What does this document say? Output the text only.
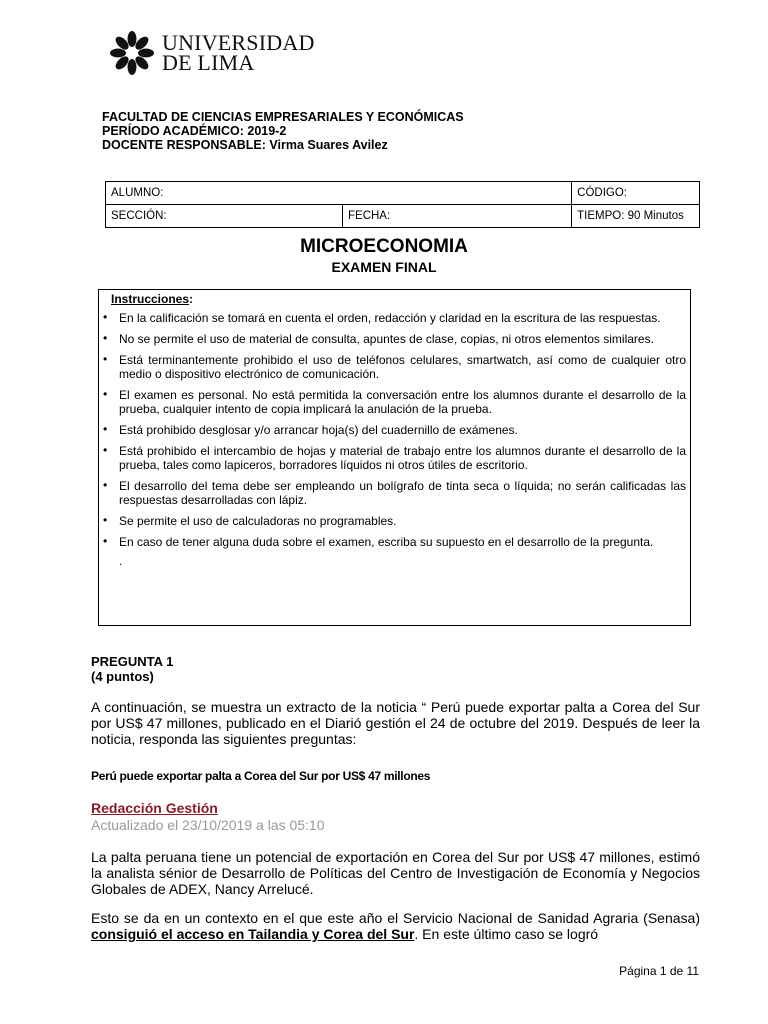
UNIVERSIDAD
DE LIMA
FACULTAD DE CIENCIAS EMPRESARIALES Y ECONÓMICAS
PERÍODO ACADÉMICO: 2019-2
DOCENTE RESPONSABLE: Virma Suares Avilez
ALUMNO:		CÓDIGO:
SECCIÓN:	FECHA:	TIEMPO: 90 Minutos
MICROECONOMIA
EXAMEN FINAL
Instrucciones:
• En la calificación se tomará en cuenta el orden, redacción y claridad en la escritura de las respuestas.
• No se permite el uso de material de consulta, apuntes de clase, copias, ni otros elementos similares.
• Está terminantemente prohibido el uso de teléfonos celulares, smartwatch, así como de cualquier otro medio o dispositivo electrónico de comunicación.
• El examen es personal. No está permitida la conversación entre los alumnos durante el desarrollo de la prueba, cualquier intento de copia implicará la anulación de la prueba.
• Está prohibido desglosar y/o arrancar hoja(s) del cuadernillo de exámenes.
• Está prohibido el intercambio de hojas y material de trabajo entre los alumnos durante el desarrollo de la prueba, tales como lapiceros, borradores líquidos ni otros útiles de escritorio.
• El desarrollo del tema debe ser empleando un bolígrafo de tinta seca o líquida; no serán calificadas las respuestas desarrolladas con lápiz.
• Se permite el uso de calculadoras no programables.
• En caso de tener alguna duda sobre el examen, escriba su supuesto en el desarrollo de la pregunta.
.
PREGUNTA 1
(4 puntos)
A continuación, se muestra un extracto de la noticia “ Perú puede exportar palta a Corea del Sur por US$ 47 millones, publicado en el Diarió gestión el 24 de octubre del 2019. Después de leer la noticia, responda las siguientes preguntas:
Perú puede exportar palta a Corea del Sur por US$ 47 millones
Redacción Gestión
Actualizado el 23/10/2019 a las 05:10
La palta peruana tiene un potencial de exportación en Corea del Sur por US$ 47 millones, estimó la analista sénior de Desarrollo de Políticas del Centro de Investigación de Economía y Negocios Globales de ADEX, Nancy Arrelucé.
Esto se da en un contexto en el que este año el Servicio Nacional de Sanidad Agraria (Senasa) consiguió el acceso en Tailandia y Corea del Sur. En este último caso se logró
Página 1 de 11
